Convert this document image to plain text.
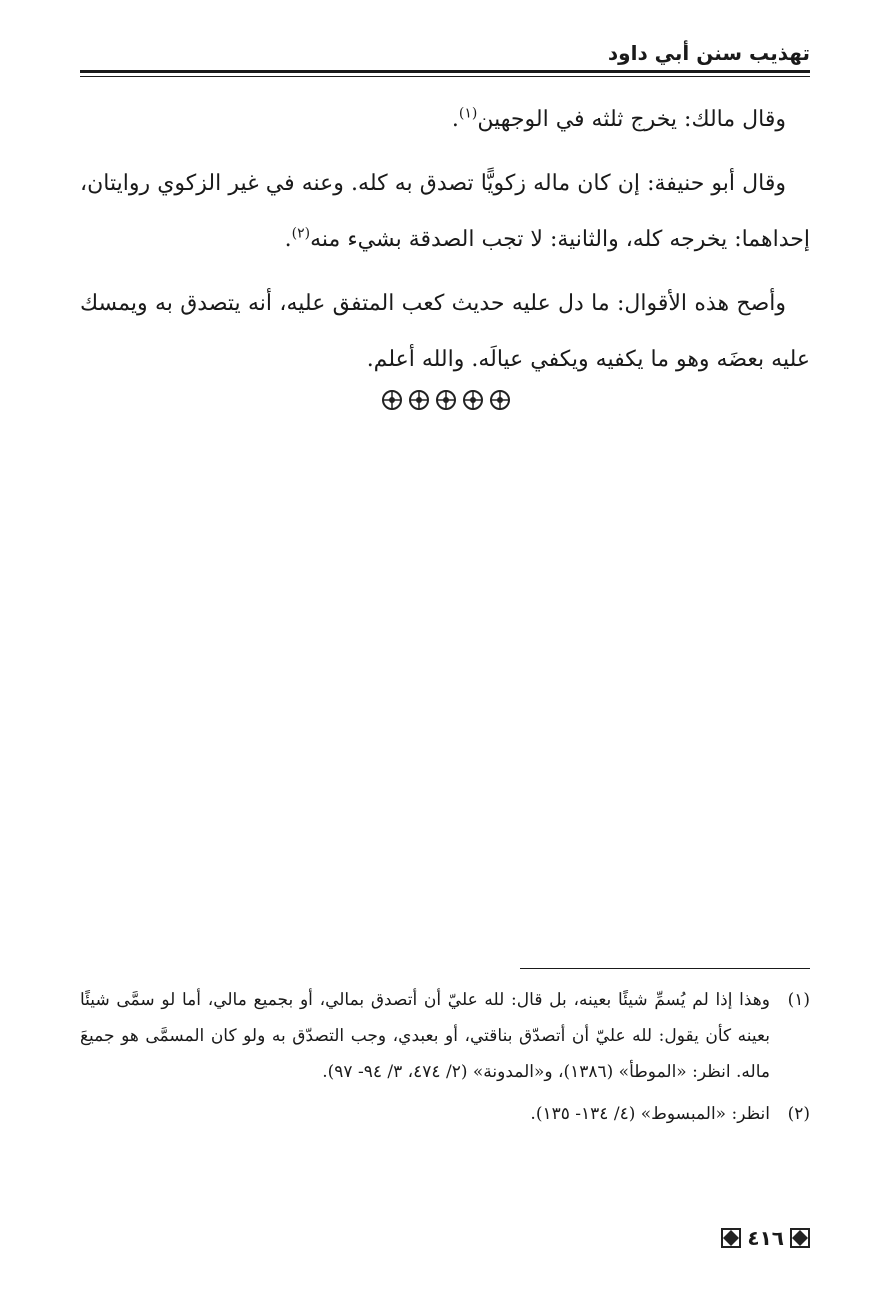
تهذيب سنن أبي داود

وقال مالك: يخرج ثلثه في الوجهين$^{(١)}$.

وقال أبو حنيفة: إن كان ماله زكويًّا تصدق به كله. وعنه في غير الزكوي روايتان، إحداهما: يخرجه كله، والثانية: لا تجب الصدقة بشيء منه$^{(٢)}$.

وأصح هذه الأقوال: ما دل عليه حديث كعب المتفق عليه، أنه يتصدق به ويمسك عليه بعضَه وهو ما يكفيه ويكفي عيالَه. والله أعلم.

(١)
وهذا إذا لم يُسمِّ شيئًا بعينه، بل قال: لله عليّ أن أتصدق بمالي، أو بجميع مالي، أما لو سمَّى شيئًا بعينه كأن يقول: لله عليّ أن أتصدّق بناقتي، أو بعبدي، وجب التصدّق به ولو كان المسمَّى هو جميعَ ماله. انظر: «الموطأ» (١٣٨٦)، و«المدونة» (٢/ ٤٧٤، ٣/ ٩٤- ٩٧).
(٢)
انظر: «المبسوط» (٤/ ١٣٤- ١٣٥).
٤١٦
